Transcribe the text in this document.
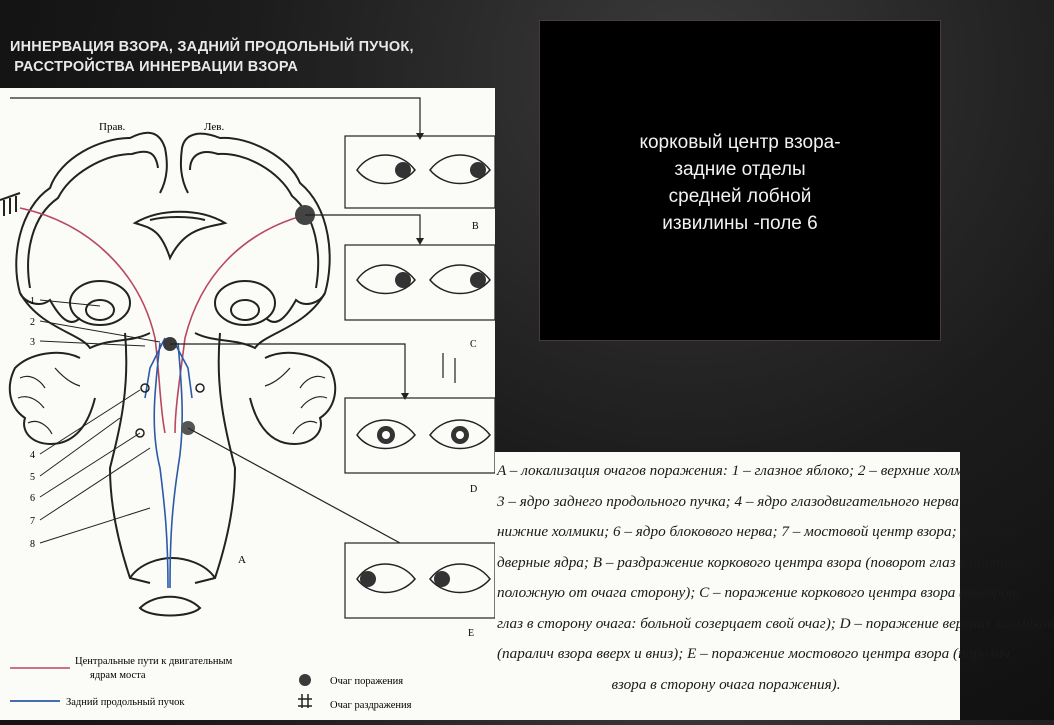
ИННЕРВАЦИЯ ВЗОРА, ЗАДНИЙ ПРОДОЛЬНЫЙ ПУЧОК,
РАССТРОЙСТВА ИННЕРВАЦИИ ВЗОРА
корковый центр взора-
задние отделы
средней лобной
извилины -поле 6
Прав.	Лев.
1
2
3
4
5
6
7
8
A
B
C
D
E
Центральные пути к двигательным
ядрам моста
Задний продольный пучок
Очаг поражения
Очаг раздражения
A – локализация очагов поражения: 1 – глазное яблоко; 2 – верхние холмики;
3 – ядро заднего продольного пучка; 4 – ядро глазодвигательного нерва; 5 –
нижние холмики; 6 – ядро блокового нерва; 7 – мостовой центр взора; 8 – пред-
дверные ядра; B – раздражение коркового центра взора (поворот глаз в противо-
положную от очага сторону); C – поражение коркового центра взора (поворот
глаз в сторону очага: больной созерцает свой очаг); D – поражение верхних холмиков
(паралич взора вверх и вниз); E – поражение мостового центра взора (паралич
взора в сторону очага поражения).
